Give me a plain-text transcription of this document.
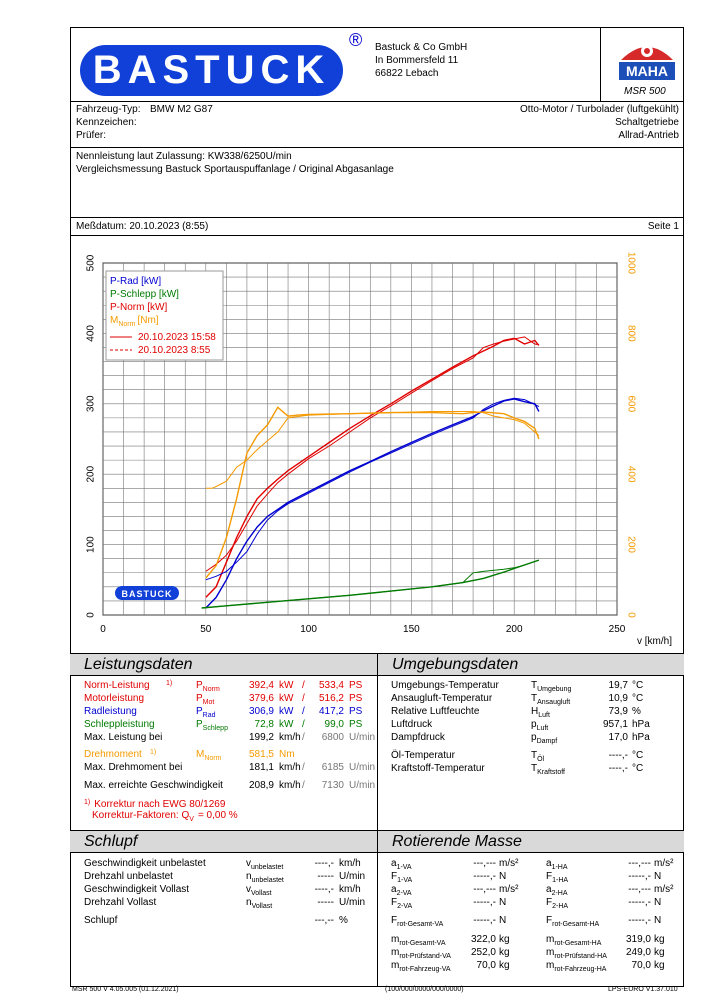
BASTUCK
® Bastuck & Co GmbH
In Bommersfeld 11
66822 Lebach	MAHA
MSR 500
Fahrzeug-Typ: BMW M2 G87
Kennzeichen:
Prüfer:
Otto-Motor / Turbolader (luftgekühlt)
Schaltgetriebe
Allrad-Antrieb
Nennleistung laut Zulassung: KW338/6250U/min
Vergleichsmessung Bastuck Sportauspuffanlage / Original Abgasanlage
Meßdatum: 20.10.2023 (8:55)	Seite 1
0	50	100	150	200	250
0
100
200
300
400
500
0
200
400
600
800
1000
v [km/h]
P-Rad [kW]
P-Schlepp [kW]
P-Norm [kW]
$M_{Norm}$ [Nm]
20.10.2023 15:58
20.10.2023 8:55
BASTUCK
Leistungsdaten	Umgebungsdaten
Norm-Leistung 1) $P_{Norm}$	392,4 kW /	533,4 PS
Motorleistung	$P_{Mot}$	379,6 kW /	516,2 PS
Radleistung	$P_{Rad}$	306,9 kW /	417,2 PS
Schleppleistung	$P_{Schlepp}$	72,8 kW /	99,0 PS
Max. Leistung bei	199,2 km/h /	6800 U/min
Drehmoment 1)	$M_{Norm}$	581,5 Nm
Max. Drehmoment bei	181,1 km/h /	6185 U/min
Max. erreichte Geschwindigkeit	208,9 km/h /	7130 U/min
$^{1)}$ Korrektur nach EWG 80/1269
Korrektur-Faktoren: $Q_V = 0,00$ %
Umgebungs-Temperatur	$T_{Umgebung}$	19,7 °C
Ansaugluft-Temperatur	$T_{Ansaugluft}$	10,9 °C
Relative Luftfeuchte	$H_{Luft}$	73,9 %
Luftdruck	$p_{Luft}$	957,1 hPa
Dampfdruck	$p_{Dampf}$	17,0 hPa
Öl-Temperatur	$T_{Öl}$	----,- °C
Kraftstoff-Temperatur	$T_{Kraftstoff}$	----,- °C
Schlupf	Rotierende Masse
Geschwindigkeit unbelastet	$v_{unbelastet}$	----,- km/h
Drehzahl unbelastet	$n_{unbelastet}$	----- U/min
Geschwindigkeit Vollast	$v_{Vollast}$	----,- km/h
Drehzahl Vollast	$n_{Vollast}$	----- U/min
Schlupf	---,-- %
$a_{1-VA}$	---,--- m/s²
$F_{1-VA}$	-----,- N
$a_{2-VA}$	---,--- m/s²
$F_{2-VA}$	-----,- N
$F_{rot-Gesamt-VA}$	-----,- N
$m_{rot-Gesamt-VA}$	322,0 kg
$m_{rot-Prüfstand-VA}$	252,0 kg
$m_{rot-Fahrzeug-VA}$	70,0 kg
$a_{1-HA}$	---,--- m/s²
$F_{1-HA}$	-----,- N
$a_{2-HA}$	---,--- m/s²
$F_{2-HA}$	-----,- N
$F_{rot-Gesamt-HA}$	-----,- N
$m_{rot-Gesamt-HA}$	319,0 kg
$m_{rot-Prüfstand-HA}$	249,0 kg
$m_{rot-Fahrzeug-HA}$	70,0 kg
MSR 500 V 4.05.005 (01.12.2021)	(100/000/0000/000/0000)	LPS-EURO V1.37.010
